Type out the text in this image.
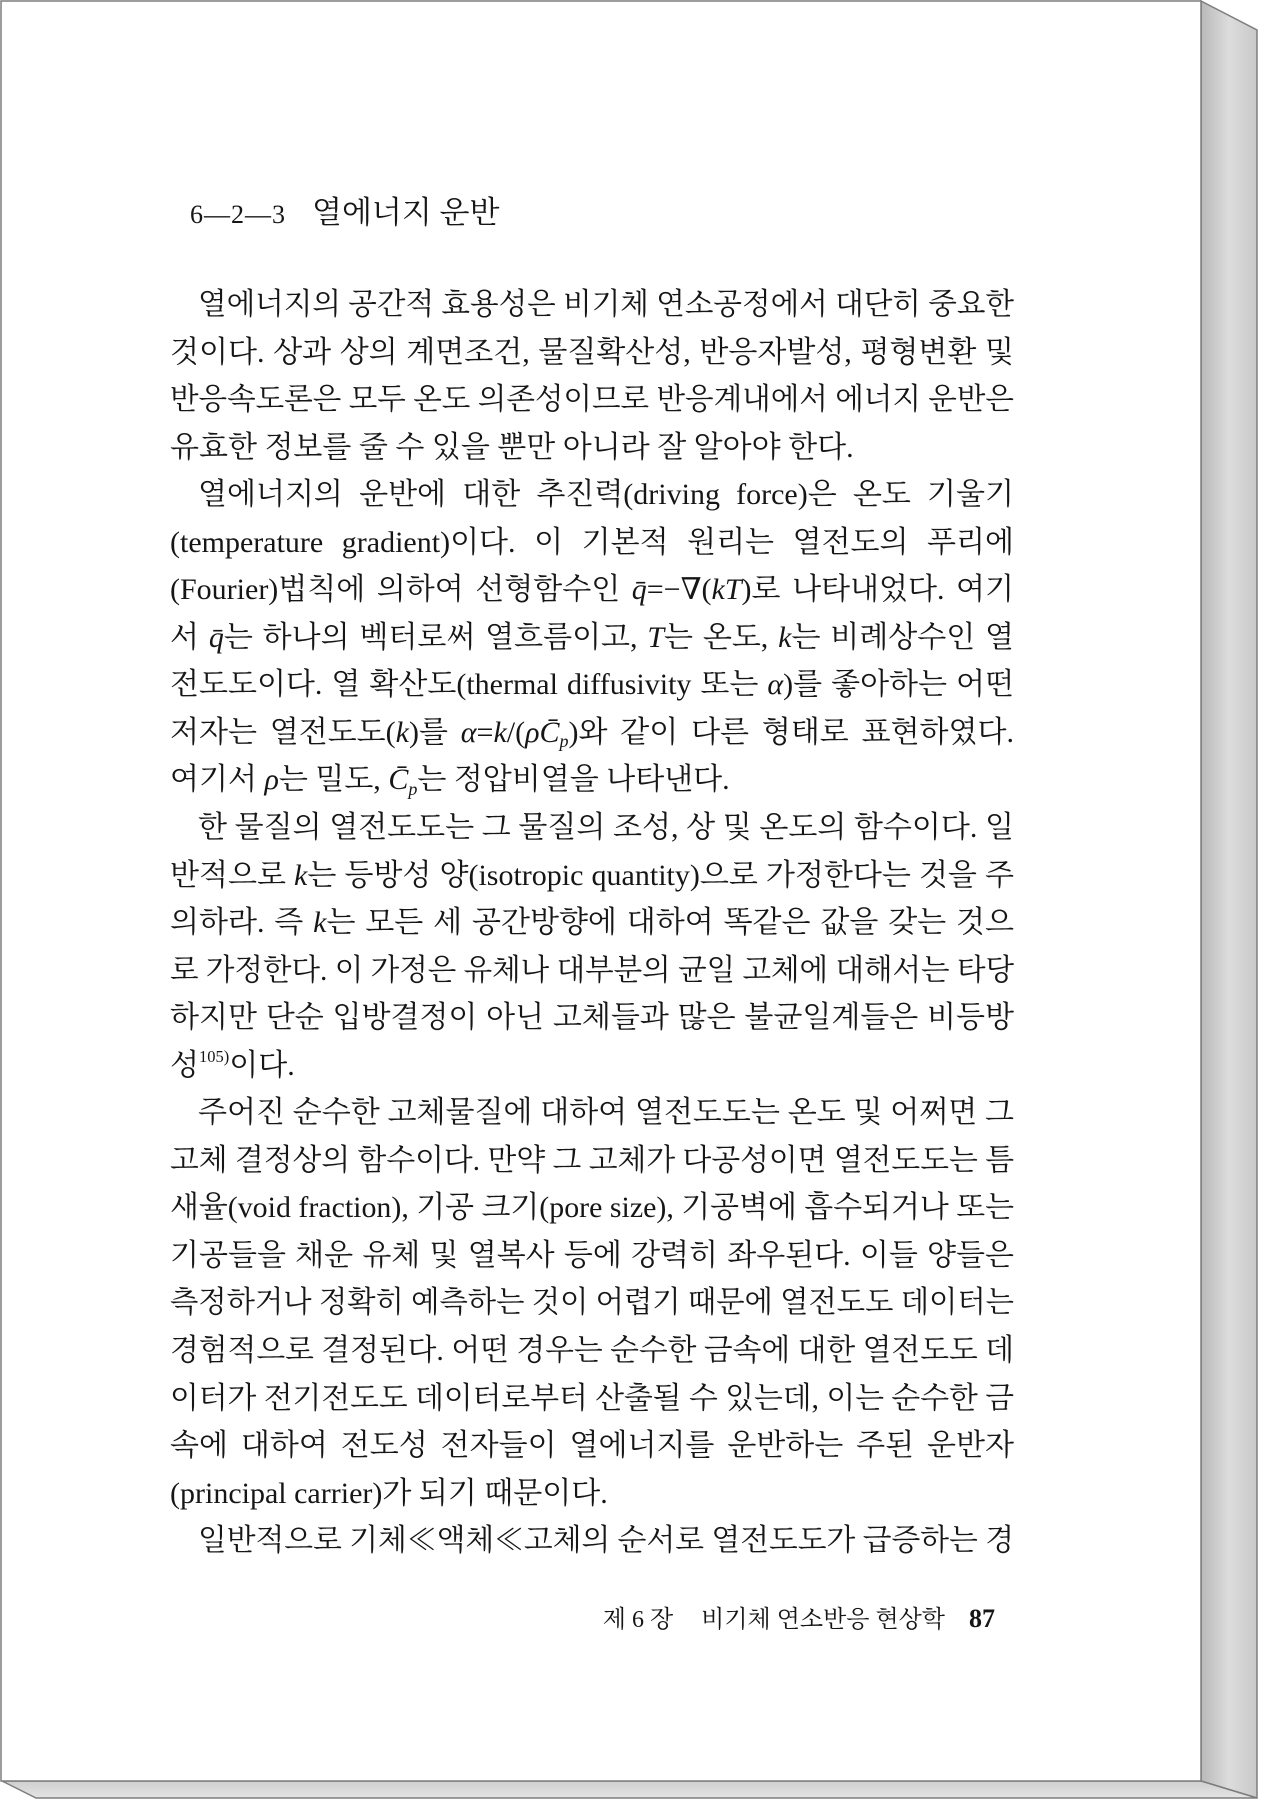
6—2—3 열에너지 운반
열에너지의 공간적 효용성은 비기체 연소공정에서 대단히 중요한
것이다. 상과 상의 계면조건, 물질확산성, 반응자발성, 평형변환 및
반응속도론은 모두 온도 의존성이므로 반응계내에서 에너지 운반은
유효한 정보를 줄 수 있을 뿐만 아니라 잘 알아야 한다.
열에너지의 운반에 대한 추진력(driving force)은 온도 기울기
(temperature gradient)이다. 이 기본적 원리는 열전도의 푸리에
(Fourier)법칙에 의하여 선형함수인 q̄=−∇(kT)로 나타내었다. 여기
서 q̄는 하나의 벡터로써 열흐름이고, T는 온도, k는 비례상수인 열
전도도이다. 열 확산도(thermal diffusivity 또는 α)를 좋아하는 어떤
저자는 열전도도(k)를 $\alpha=k/(\rho C̄_p)$와 같이 다른 형태로 표현하였다.
여기서 ρ는 밀도, $C̄_p$는 정압비열을 나타낸다.
한 물질의 열전도도는 그 물질의 조성, 상 및 온도의 함수이다. 일
반적으로 k는 등방성 양(isotropic quantity)으로 가정한다는 것을 주
의하라. 즉 k는 모든 세 공간방향에 대하여 똑같은 값을 갖는 것으
로 가정한다. 이 가정은 유체나 대부분의 균일 고체에 대해서는 타당
하지만 단순 입방결정이 아닌 고체들과 많은 불균일계들은 비등방
성$^{105)}$이다.
주어진 순수한 고체물질에 대하여 열전도도는 온도 및 어쩌면 그
고체 결정상의 함수이다. 만약 그 고체가 다공성이면 열전도도는 틈
새율(void fraction), 기공 크기(pore size), 기공벽에 흡수되거나 또는
기공들을 채운 유체 및 열복사 등에 강력히 좌우된다. 이들 양들은
측정하거나 정확히 예측하는 것이 어렵기 때문에 열전도도 데이터는
경험적으로 결정된다. 어떤 경우는 순수한 금속에 대한 열전도도 데
이터가 전기전도도 데이터로부터 산출될 수 있는데, 이는 순수한 금
속에 대하여 전도성 전자들이 열에너지를 운반하는 주된 운반자
(principal carrier)가 되기 때문이다.
일반적으로 기체≪액체≪고체의 순서로 열전도도가 급증하는 경
제 6 장 비기체 연소반응 현상학 87
